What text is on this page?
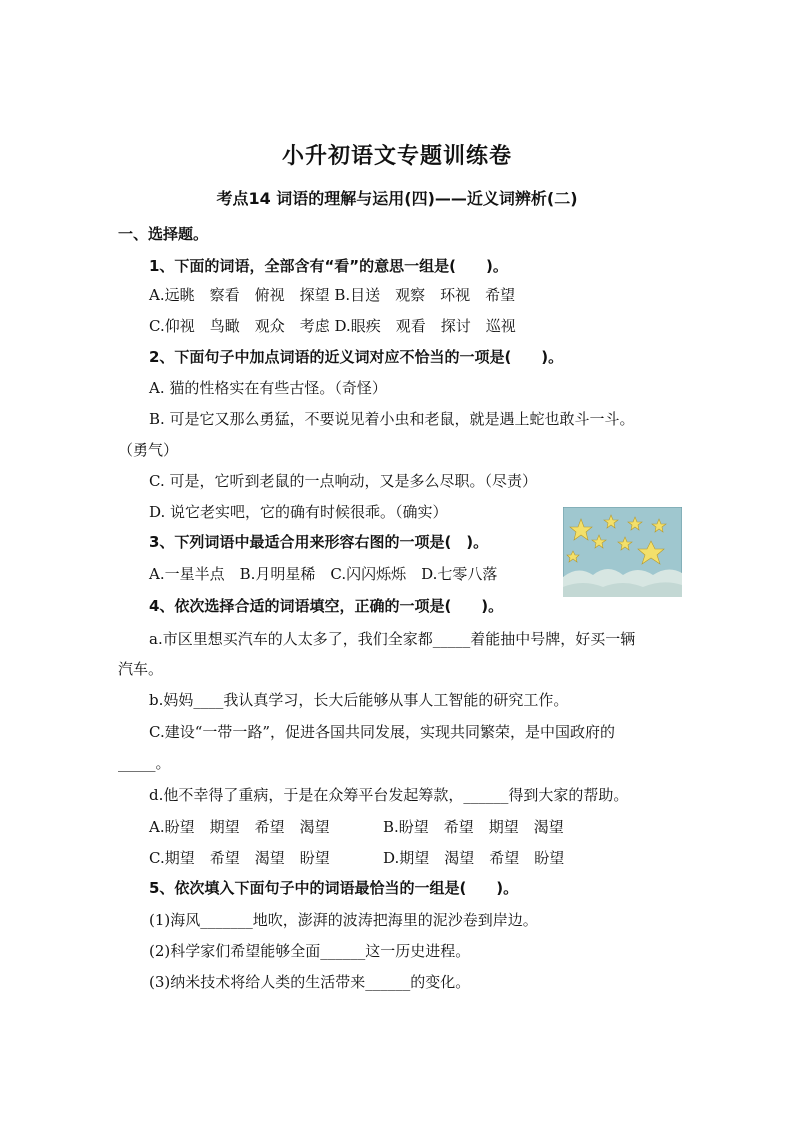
小升初语文专题训练卷
考点14 词语的理解与运用(四)——近义词辨析(二)
一、选择题。
1、下面的词语，全部含有“看”的意思一组是(　　)。
A.远眺　察看　俯视　探望 B.目送　观察　环视　希望
C.仰视　鸟瞰　观众　考虑 D.眼疾　观看　探讨　巡视
2、下面句子中加点词语的近义词对应不恰当的一项是(　　)。
A. 猫的性格实在有些古怪。（奇怪）
B. 可是它又那么勇猛，不要说见着小虫和老鼠，就是遇上蛇也敢斗一斗。
（勇气）
C. 可是，它听到老鼠的一点响动，又是多么尽职。（尽责）
D. 说它老实吧，它的确有时候很乖。（确实）
3、下列词语中最适合用来形容右图的一项是(　)。
A.一星半点　B.月明星稀　C.闪闪烁烁　D.七零八落
4、依次选择合适的词语填空，正确的一项是(　　)。
a.市区里想买汽车的人太多了，我们全家都_____着能抽中号牌，好买一辆
汽车。
b.妈妈____我认真学习，长大后能够从事人工智能的研究工作。
C.建设“一带一路”，促进各国共同发展，实现共同繁荣，是中国政府的
_____。
d.他不幸得了重病，于是在众筹平台发起筹款，______得到大家的帮助。
A.盼望　期望　希望　渴望	B.盼望　希望　期望　渴望
C.期望　希望　渴望　盼望	D.期望　渴望　希望　盼望
5、依次填入下面句子中的词语最恰当的一组是(　　)。
(1)海风_______地吹，澎湃的波涛把海里的泥沙卷到岸边。
(2)科学家们希望能够全面______这一历史进程。
(3)纳米技术将给人类的生活带来______的变化。
